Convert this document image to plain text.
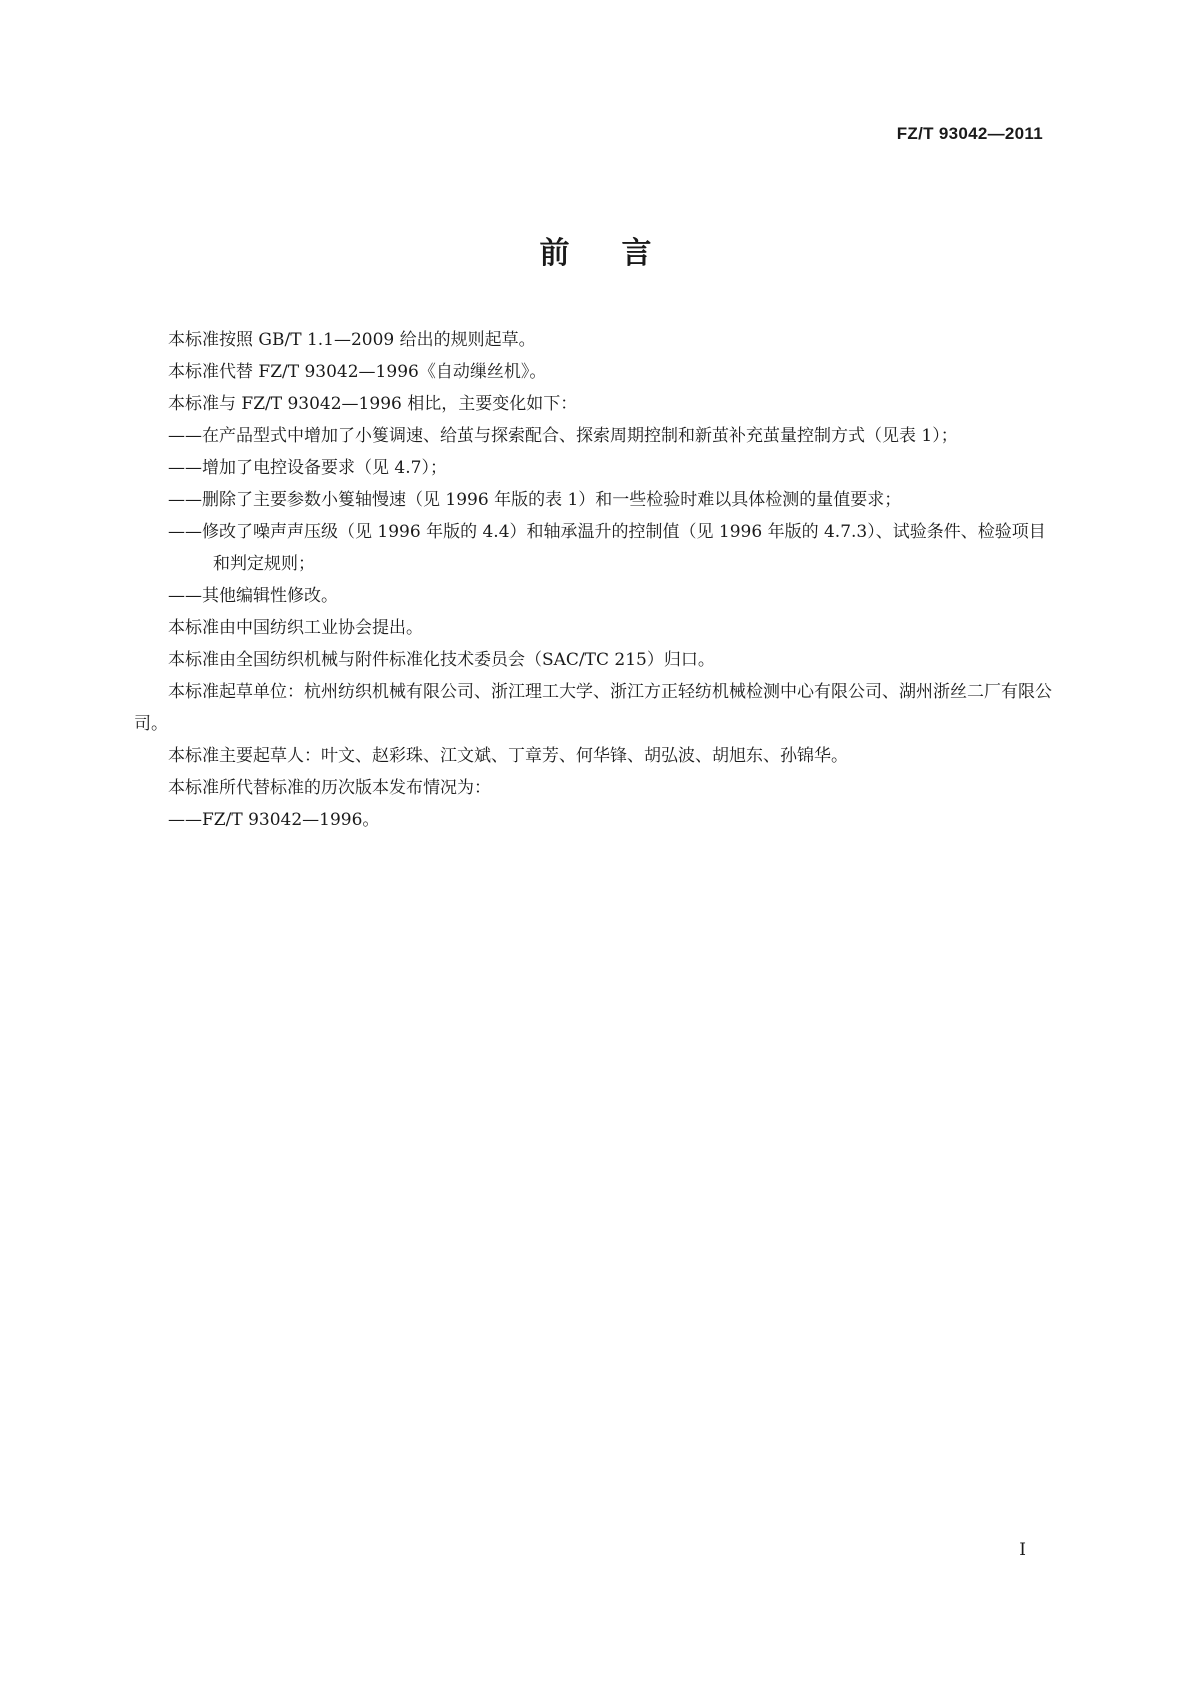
FZ/T 93042—2011
前言

本标准按照 GB/T 1.1—2009 给出的规则起草。

本标准代替 FZ/T 93042—1996《自动缫丝机》。

本标准与 FZ/T 93042—1996 相比，主要变化如下：

——在产品型式中增加了小篗调速、给茧与探索配合、探索周期控制和新茧补充茧量控制方式（见表 1）；

——增加了电控设备要求（见 4.7）；

——删除了主要参数小篗轴慢速（见 1996 年版的表 1）和一些检验时难以具体检测的量值要求；

——修改了噪声声压级（见 1996 年版的 4.4）和轴承温升的控制值（见 1996 年版的 4.7.3）、试验条件、检验项目和判定规则；

——其他编辑性修改。

本标准由中国纺织工业协会提出。

本标准由全国纺织机械与附件标准化技术委员会（SAC/TC 215）归口。

本标准起草单位：杭州纺织机械有限公司、浙江理工大学、浙江方正轻纺机械检测中心有限公司、湖州浙丝二厂有限公司。

本标准主要起草人：叶文、赵彩珠、江文斌、丁章芳、何华锋、胡弘波、胡旭东、孙锦华。

本标准所代替标准的历次版本发布情况为：

——FZ/T 93042—1996。

I
